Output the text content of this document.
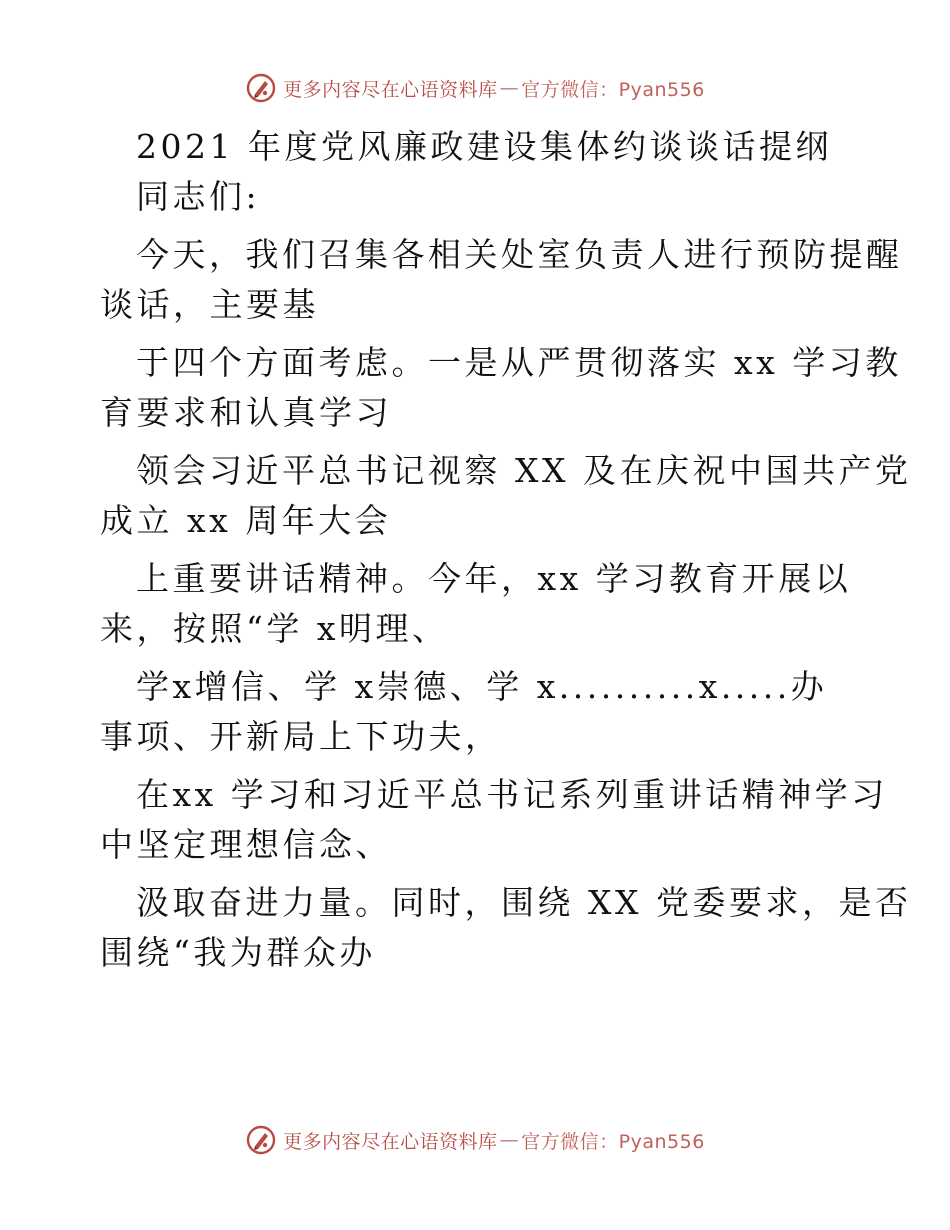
更多内容尽在心语资料库 — 官方微信：Pyan556
2021 年度党风廉政建设集体约谈谈话提纲
同志们:
今天，我们召集各相关处室负责人进行预防提醒
谈话，主要基
于四个方面考虑。一是从严贯彻落实 xx 学习教
育要求和认真学习
领会习近平总书记视察 XX 及在庆祝中国共产党
成立 xx 周年大会
上重要讲话精神。今年，xx 学习教育开展以
来，按照“学 x明理、
学x增信、学 x崇德、学 x..........x.....办
事项、开新局上下功夫，
在xx 学习和习近平总书记系列重讲话精神学习
中坚定理想信念、
汲取奋进力量。同时，围绕 XX 党委要求，是否
围绕“我为群众办
更多内容尽在心语资料库 — 官方微信：Pyan556
